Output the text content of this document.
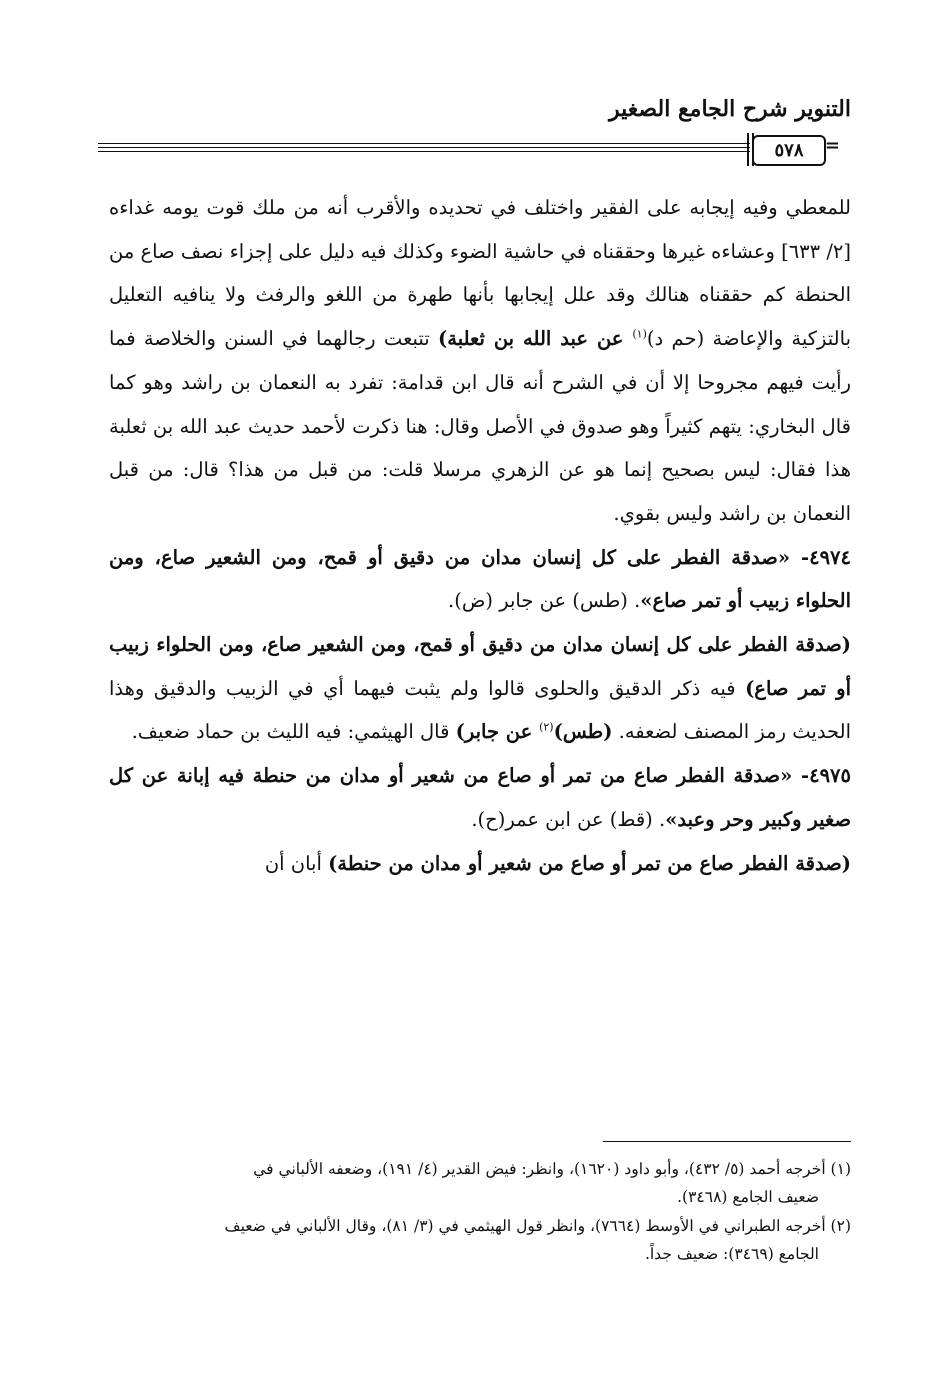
التنوير شرح الجامع الصغير
٥٧٨	=

للمعطي وفيه إيجابه على الفقير واختلف في تحديده والأقرب أنه من ملك قوت يومه غداءه [٢/ ٦٣٣] وعشاءه غيرها وحققناه في حاشية الضوء وكذلك فيه دليل على إجزاء نصف صاع من الحنطة كم حققناه هنالك وقد علل إيجابها بأنها طهرة من اللغو والرفث ولا ينافيه التعليل بالتزكية والإعاضة (حم د)$^{(١)}$ عن عبد الله بن ثعلبة) تتبعت رجالهما في السنن والخلاصة فما رأيت فيهم مجروحا إلا أن في الشرح أنه قال ابن قدامة: تفرد به النعمان بن راشد وهو كما قال البخاري: يتهم كثيراً وهو صدوق في الأصل وقال: هنا ذكرت لأحمد حديث عبد الله بن ثعلبة هذا فقال: ليس بصحيح إنما هو عن الزهري مرسلا قلت: من قبل من هذا؟ قال: من قبل النعمان بن راشد وليس بقوي.

٤٩٧٤- «صدقة الفطر على كل إنسان مدان من دقيق أو قمح، ومن الشعير صاع، ومن الحلواء زبيب أو تمر صاع». (طس) عن جابر (ض).

(صدقة الفطر على كل إنسان مدان من دقيق أو قمح، ومن الشعير صاع، ومن الحلواء زبيب أو تمر صاع) فيه ذكر الدقيق والحلوى قالوا ولم يثبت فيهما أي في الزبيب والدقيق وهذا الحديث رمز المصنف لضعفه. (طس)$^{(٢)}$ عن جابر) قال الهيثمي: فيه الليث بن حماد ضعيف.

٤٩٧٥- «صدقة الفطر صاع من تمر أو صاع من شعير أو مدان من حنطة فيه إبانة عن كل صغير وكبير وحر وعبد». (قط) عن ابن عمر(ح).

(صدقة الفطر صاع من تمر أو صاع من شعير أو مدان من حنطة) أبان أن

(١) أخرجه أحمد (٥/ ٤٣٢)، وأبو داود (١٦٢٠)، وانظر: فيض القدير (٤/ ١٩١)، وضعفه الألباني في

ضعيف الجامع (٣٤٦٨).

(٢) أخرجه الطبراني في الأوسط (٧٦٦٤)، وانظر قول الهيثمي في (٣/ ٨١)، وقال الألباني في ضعيف

الجامع (٣٤٦٩): ضعيف جداً.
